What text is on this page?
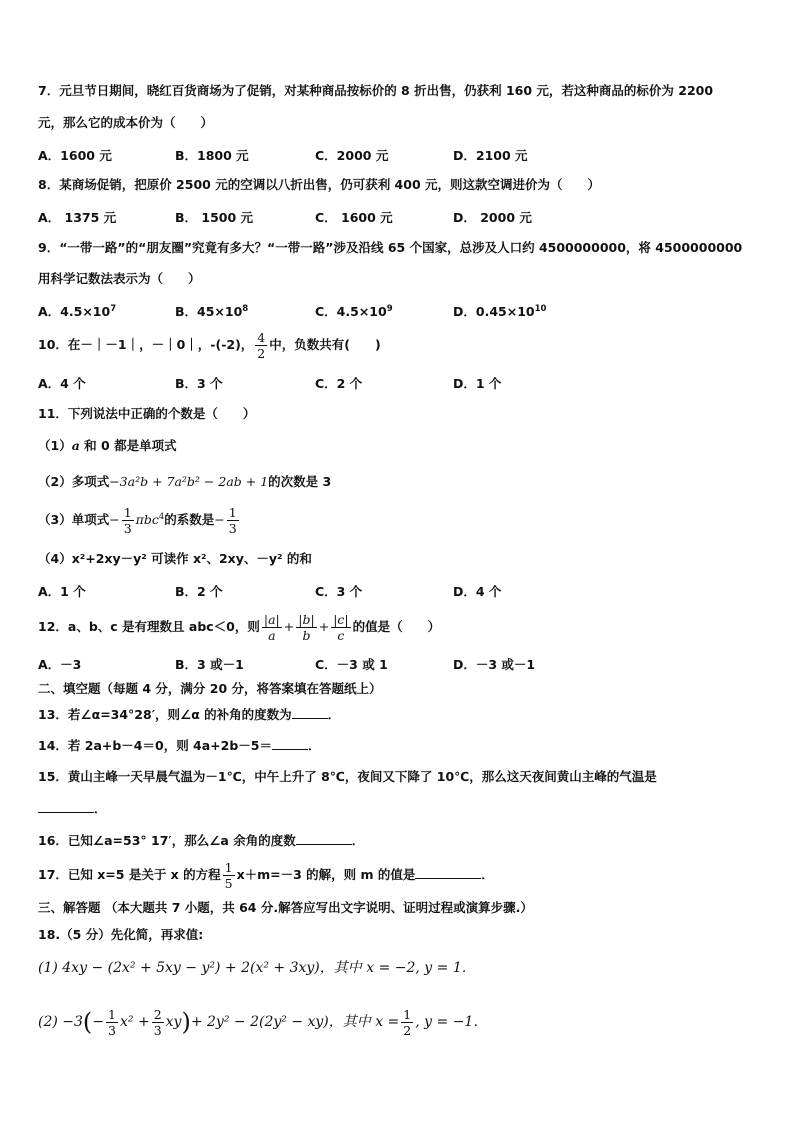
7．元旦节日期间，晓红百货商场为了促销，对某种商品按标价的 8 折出售，仍获利 160 元，若这种商品的标价为 2200
元，那么它的成本价为（　　）
A．1600 元	B．1800 元	C．2000 元	D．2100 元
8．某商场促销，把原价 2500 元的空调以八折出售，仍可获利 400 元，则这款空调进价为（　　）
A． 1375 元	B． 1500 元	C． 1600 元	D． 2000 元
9．“一带一路”的“朋友圈”究竟有多大？“一带一路”涉及沿线 65 个国家，总涉及人口约 4500000000，将 4500000000
用科学记数法表示为（　　）
A．$4.5\times 10^7$	B．$45\times 10^8$	C．$4.5\times 10^9$	D．$0.45\times 10^{10}$
10．在－｜－1｜，－｜0｜，-(-2)， $\frac{4}{2}$ 中，负数共有(　　)
A．4 个	B．3 个	C．2 个	D．1 个
11．下列说法中正确的个数是（　　）
（1）a 和 0 都是单项式
（2）多项式−3a²b + 7a²b² − 2ab + 1的次数是 3
（3）单项式− $\frac{1}{3} \pi bc^4$的系数是− $\frac{1}{3}$
（4）x²+2xy－y² 可读作 x²、2xy、－y² 的和
A．1 个	B．2 个	C．3 个	D．4 个
12．a、b、c 是有理数且 abc＜0，则 $\frac{|a|}{a} + \frac{|b|}{b} + \frac{|c|}{c}$ 的值是（　　）
A．－3	B．3 或－1	C．－3 或 1	D．－3 或－1
二、填空题（每题 4 分，满分 20 分，将答案填在答题纸上）
13．若∠α=34°28′，则∠α 的补角的度数为	．
14．若 2a+b－4＝0，则 4a+2b－5＝	．
15．黄山主峰一天早晨气温为－1℃，中午上升了 8℃，夜间又下降了 10℃，那么这天夜间黄山主峰的气温是
．
16．已知∠a=53° 17′，那么∠a 余角的度数	．
17．已知 x=5 是关于 x 的方程 $\frac{1}{5} x+m=-3$ 的解，则 m 的值是	．
三、解答题 （本大题共 7 小题，共 64 分.解答应写出文字说明、证明过程或演算步骤.）
18.（5 分）先化简，再求值:
(1) 4xy − (2x² + 5xy − y²) + 2(x² + 3xy)，其中 x = −2, y = 1．
$(2) -3(- \frac{1}{3} x^2 + \frac{2}{3} xy)+ 2y^2 - 2(2y^2 - xy)$，其中 $x = \frac{1}{2}$ , y = −1．
